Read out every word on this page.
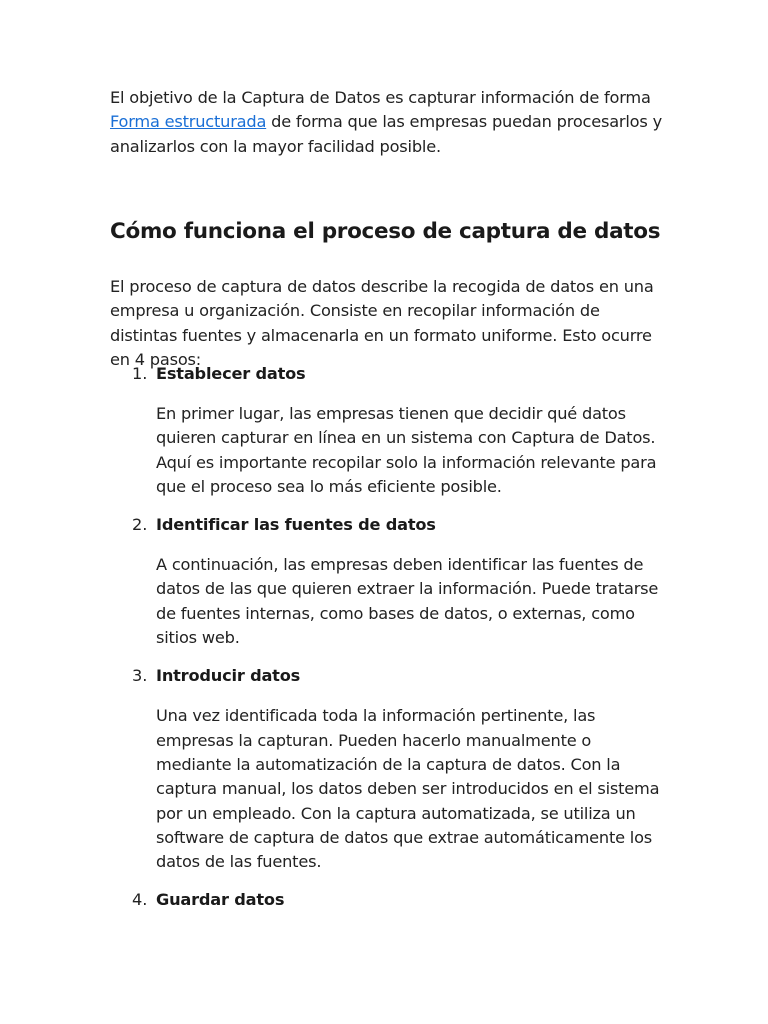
El objetivo de la Captura de Datos es capturar información de forma Forma estructurada de forma que las empresas puedan procesarlos y analizarlos con la mayor facilidad posible.

Cómo funciona el proceso de captura de datos

El proceso de captura de datos describe la recogida de datos en una empresa u organización. Consiste en recopilar información de distintas fuentes y almacenarla en un formato uniforme. Esto ocurre en 4 pasos:

1. Establecer datos

En primer lugar, las empresas tienen que decidir qué datos quieren capturar en línea en un sistema con Captura de Datos. Aquí es importante recopilar solo la información relevante para que el proceso sea lo más eficiente posible.

2. Identificar las fuentes de datos

A continuación, las empresas deben identificar las fuentes de datos de las que quieren extraer la información. Puede tratarse de fuentes internas, como bases de datos, o externas, como sitios web.

3. Introducir datos

Una vez identificada toda la información pertinente, las empresas la capturan. Pueden hacerlo manualmente o mediante la automatización de la captura de datos. Con la captura manual, los datos deben ser introducidos en el sistema por un empleado. Con la captura automatizada, se utiliza un software de captura de datos que extrae automáticamente los datos de las fuentes.

4. Guardar datos
